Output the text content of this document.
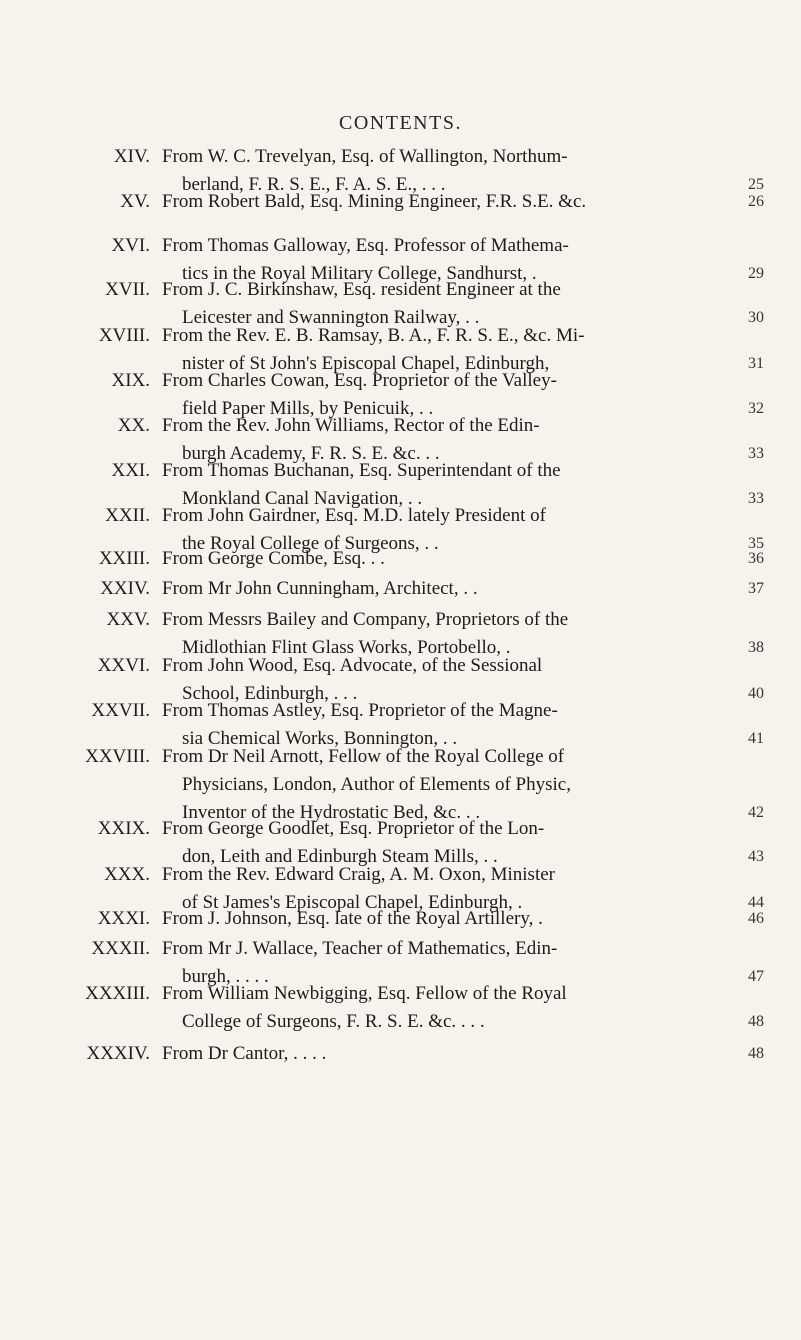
CONTENTS.
XIV. From W. C. Trevelyan, Esq. of Wallington, Northum-
berland, F. R. S. E., F. A. S. E., . . .	25
XV. From Robert Bald, Esq. Mining Engineer, F.R. S.E. &c.	26
XVI. From Thomas Galloway, Esq. Professor of Mathema-
tics in the Royal Military College, Sandhurst, .	29
XVII. From J. C. Birkinshaw, Esq. resident Engineer at the
Leicester and Swannington Railway, . .	30
XVIII. From the Rev. E. B. Ramsay, B. A., F. R. S. E., &c. Mi-
nister of St John's Episcopal Chapel, Edinburgh,	31
XIX. From Charles Cowan, Esq. Proprietor of the Valley-
field Paper Mills, by Penicuik, . .	32
XX. From the Rev. John Williams, Rector of the Edin-
burgh Academy, F. R. S. E. &c. . .	33
XXI. From Thomas Buchanan, Esq. Superintendant of the
Monkland Canal Navigation, . .	33
XXII. From John Gairdner, Esq. M.D. lately President of
the Royal College of Surgeons, . .	35
XXIII. From George Combe, Esq. . .	36
XXIV. From Mr John Cunningham, Architect, . .	37
XXV. From Messrs Bailey and Company, Proprietors of the
Midlothian Flint Glass Works, Portobello, .	38
XXVI. From John Wood, Esq. Advocate, of the Sessional
School, Edinburgh, . . .	40
XXVII. From Thomas Astley, Esq. Proprietor of the Magne-
sia Chemical Works, Bonnington, . .	41
XXVIII. From Dr Neil Arnott, Fellow of the Royal College of
Physicians, London, Author of Elements of Physic,
Inventor of the Hydrostatic Bed, &c. . .	42
XXIX. From George Goodlet, Esq. Proprietor of the Lon-
don, Leith and Edinburgh Steam Mills, . .	43
XXX. From the Rev. Edward Craig, A. M. Oxon, Minister
of St James's Episcopal Chapel, Edinburgh, .	44
XXXI. From J. Johnson, Esq. late of the Royal Artillery, .	46
XXXII. From Mr J. Wallace, Teacher of Mathematics, Edin-
burgh, . . . .	47
XXXIII. From William Newbigging, Esq. Fellow of the Royal
College of Surgeons, F. R. S. E. &c. . . .	48
XXXIV. From Dr Cantor, . . . .	48
